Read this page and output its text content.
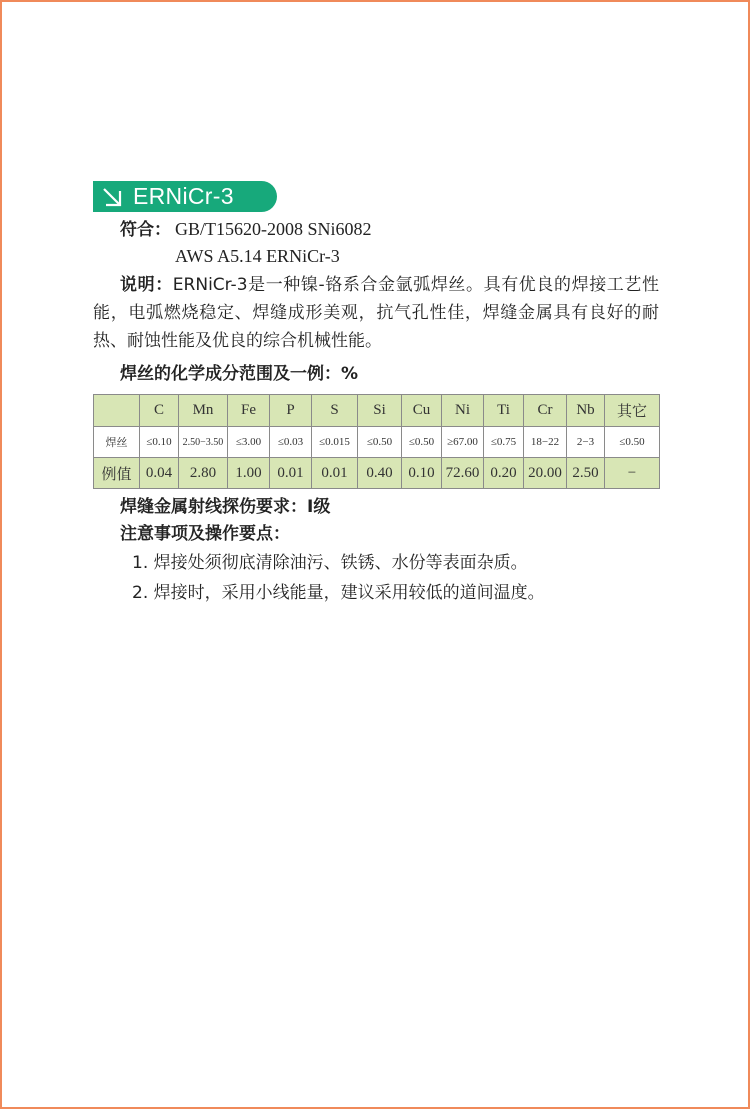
ERNiCr-3
符合： GB/T15620-2008 SNi6082
AWS A5.14 ERNiCr-3
说明：ERNiCr-3是一种镍-铬系合金氩弧焊丝。具有优良的焊接工艺性能，电弧燃烧稳定、焊缝成形美观，抗气孔性佳，焊缝金属具有良好的耐热、耐蚀性能及优良的综合机械性能。
焊丝的化学成分范围及一例：%
	C	Mn	Fe	P	S	Si	Cu	Ni	Ti	Cr	Nb	其它
焊丝	≤0.10	2.50−3.50	≤3.00	≤0.03	≤0.015	≤0.50	≤0.50	≥67.00	≤0.75	18−22	2−3	≤0.50
例值	0.04	2.80	1.00	0.01	0.01	0.40	0.10	72.60	0.20	20.00	2.50	−
焊缝金属射线探伤要求：Ⅰ级
注意事项及操作要点：
1. 焊接处须彻底清除油污、铁锈、水份等表面杂质。
2. 焊接时，采用小线能量，建议采用较低的道间温度。
